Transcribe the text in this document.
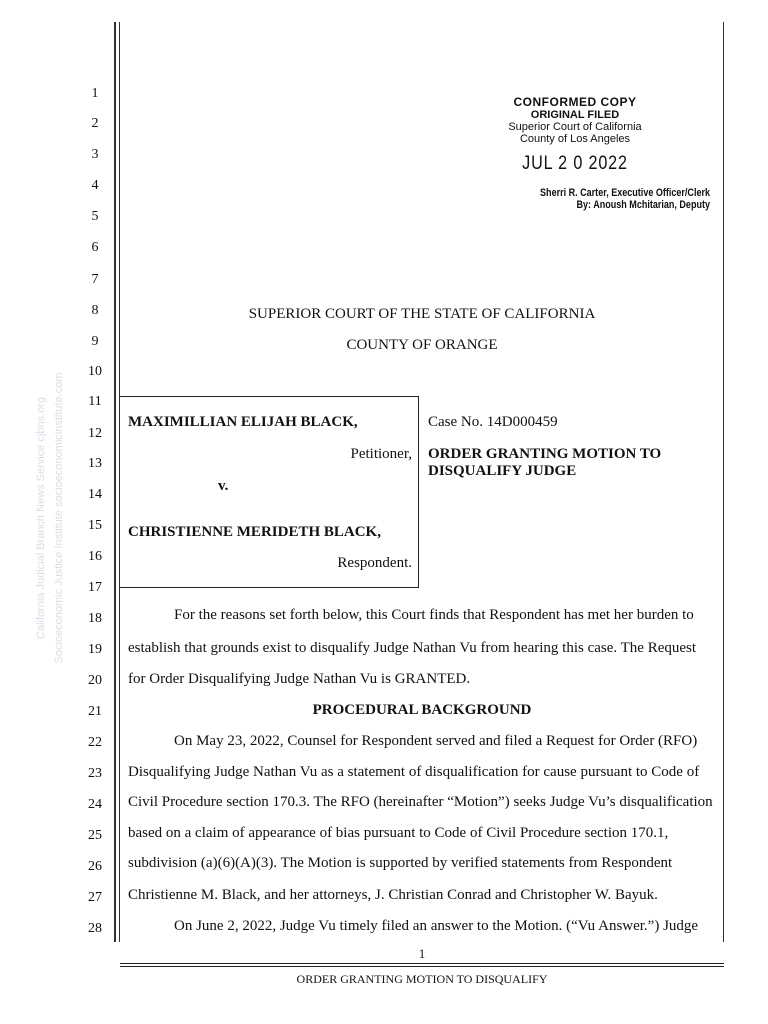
California Judicial Branch News Service cjbns.org Socioeconomic Justice Institute socioeconomicinstitute.com
1
2
3
4
5
6
7
8
9
10
11
12
13
14
15
16
17
18
19
20
21
22
23
24
25
26
27
28
CONFORMED COPY
ORIGINAL FILED
Superior Court of California
County of Los Angeles
JUL 2 0 2022
Sherri R. Carter, Executive Officer/Clerk
By: Anoush Mchitarian, Deputy
SUPERIOR COURT OF THE STATE OF CALIFORNIA
COUNTY OF ORANGE
MAXIMILLIAN ELIJAH BLACK,
Petitioner,
v.
CHRISTIENNE MERIDETH BLACK,
Respondent.
Case No. 14D000459
ORDER GRANTING MOTION TO
DISQUALIFY JUDGE
For the reasons set forth below, this Court finds that Respondent has met her burden to
establish that grounds exist to disqualify Judge Nathan Vu from hearing this case. The Request
for Order Disqualifying Judge Nathan Vu is GRANTED.
PROCEDURAL BACKGROUND
On May 23, 2022, Counsel for Respondent served and filed a Request for Order (RFO)
Disqualifying Judge Nathan Vu as a statement of disqualification for cause pursuant to Code of
Civil Procedure section 170.3. The RFO (hereinafter “Motion”) seeks Judge Vu’s disqualification
based on a claim of appearance of bias pursuant to Code of Civil Procedure section 170.1,
subdivision (a)(6)(A)(3). The Motion is supported by verified statements from Respondent
Christienne M. Black, and her attorneys, J. Christian Conrad and Christopher W. Bayuk.
On June 2, 2022, Judge Vu timely filed an answer to the Motion. (“Vu Answer.”) Judge
1
ORDER GRANTING MOTION TO DISQUALIFY
